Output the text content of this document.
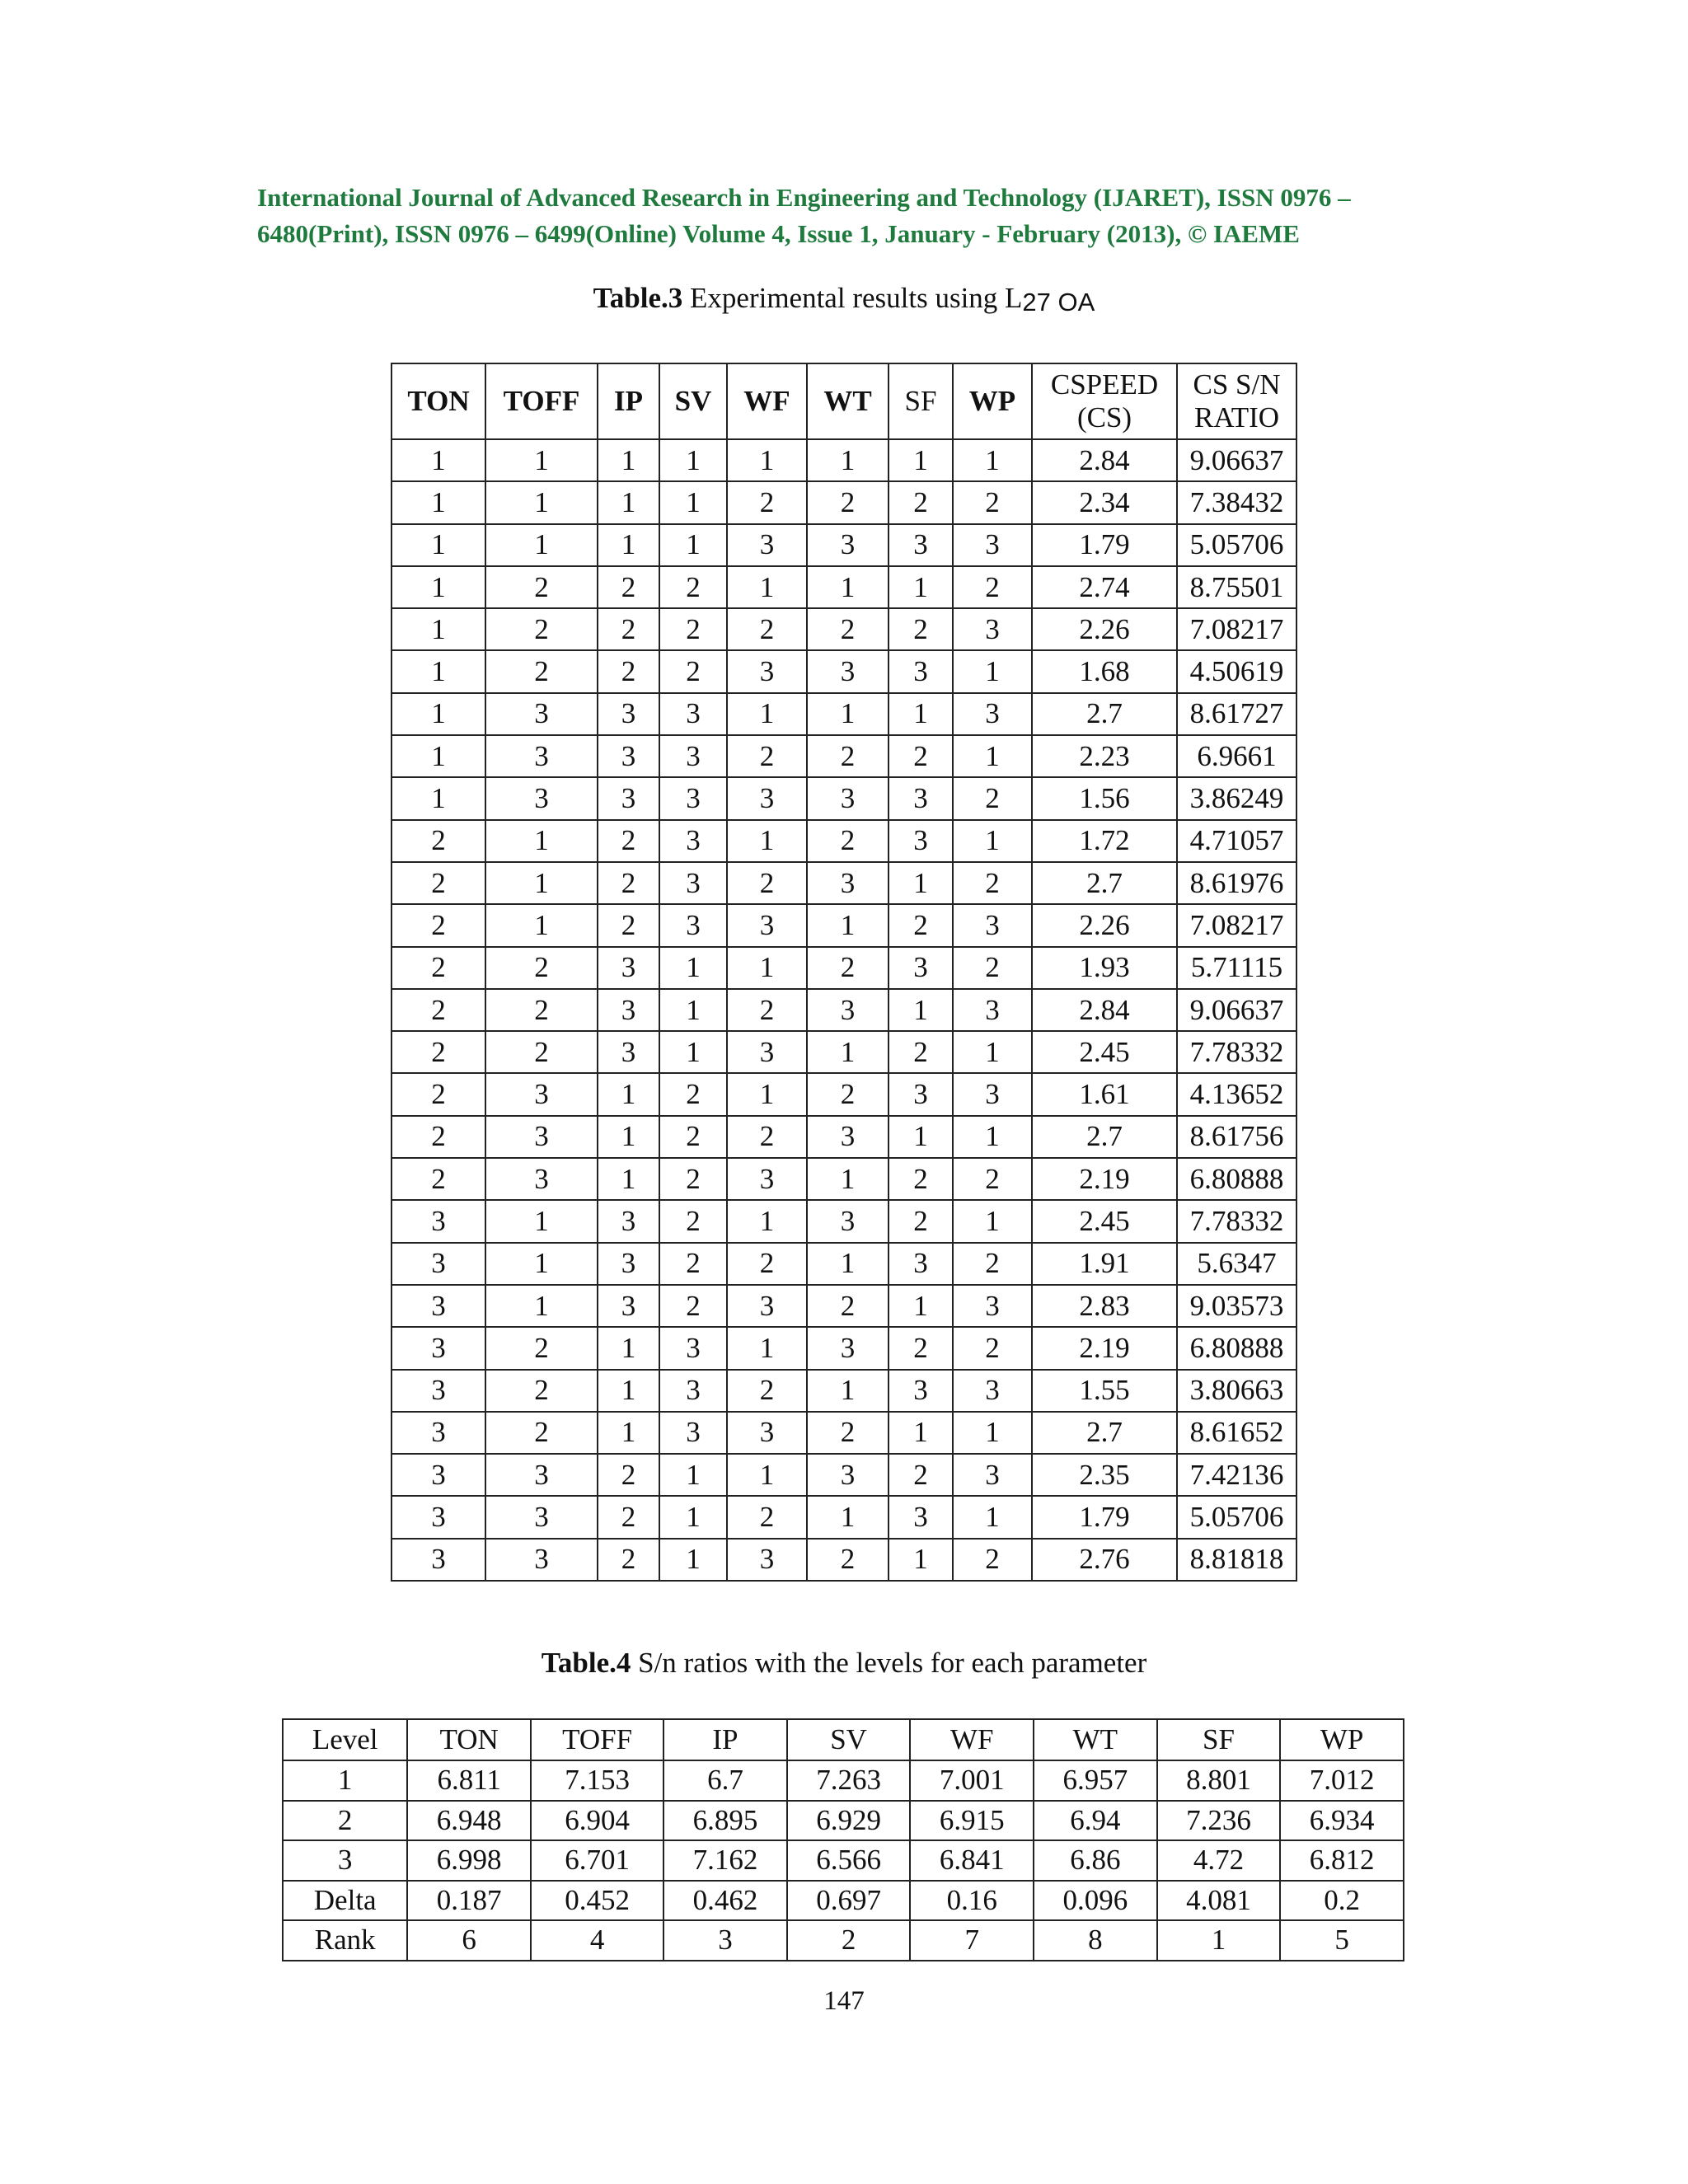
International Journal of Advanced Research in Engineering and Technology (IJARET), ISSN 0976 –
6480(Print), ISSN 0976 – 6499(Online) Volume 4, Issue 1, January - February (2013), © IAEME
Table.3 Experimental results using L27 OA
TON	TOFF	IP	SV	WF	WT	SF	WP	CSPEED (CS)	CS S/N RATIO
1	1	1	1	1	1	1	1	2.84	9.06637
1	1	1	1	2	2	2	2	2.34	7.38432
1	1	1	1	3	3	3	3	1.79	5.05706
1	2	2	2	1	1	1	2	2.74	8.75501
1	2	2	2	2	2	2	3	2.26	7.08217
1	2	2	2	3	3	3	1	1.68	4.50619
1	3	3	3	1	1	1	3	2.7	8.61727
1	3	3	3	2	2	2	1	2.23	6.9661
1	3	3	3	3	3	3	2	1.56	3.86249
2	1	2	3	1	2	3	1	1.72	4.71057
2	1	2	3	2	3	1	2	2.7	8.61976
2	1	2	3	3	1	2	3	2.26	7.08217
2	2	3	1	1	2	3	2	1.93	5.71115
2	2	3	1	2	3	1	3	2.84	9.06637
2	2	3	1	3	1	2	1	2.45	7.78332
2	3	1	2	1	2	3	3	1.61	4.13652
2	3	1	2	2	3	1	1	2.7	8.61756
2	3	1	2	3	1	2	2	2.19	6.80888
3	1	3	2	1	3	2	1	2.45	7.78332
3	1	3	2	2	1	3	2	1.91	5.6347
3	1	3	2	3	2	1	3	2.83	9.03573
3	2	1	3	1	3	2	2	2.19	6.80888
3	2	1	3	2	1	3	3	1.55	3.80663
3	2	1	3	3	2	1	1	2.7	8.61652
3	3	2	1	1	3	2	3	2.35	7.42136
3	3	2	1	2	1	3	1	1.79	5.05706
3	3	2	1	3	2	1	2	2.76	8.81818
Table.4 S/n ratios with the levels for each parameter
Level	TON	TOFF	IP	SV	WF	WT	SF	WP
1	6.811	7.153	6.7	7.263	7.001	6.957	8.801	7.012
2	6.948	6.904	6.895	6.929	6.915	6.94	7.236	6.934
3	6.998	6.701	7.162	6.566	6.841	6.86	4.72	6.812
Delta	0.187	0.452	0.462	0.697	0.16	0.096	4.081	0.2
Rank	6	4	3	2	7	8	1	5
147
